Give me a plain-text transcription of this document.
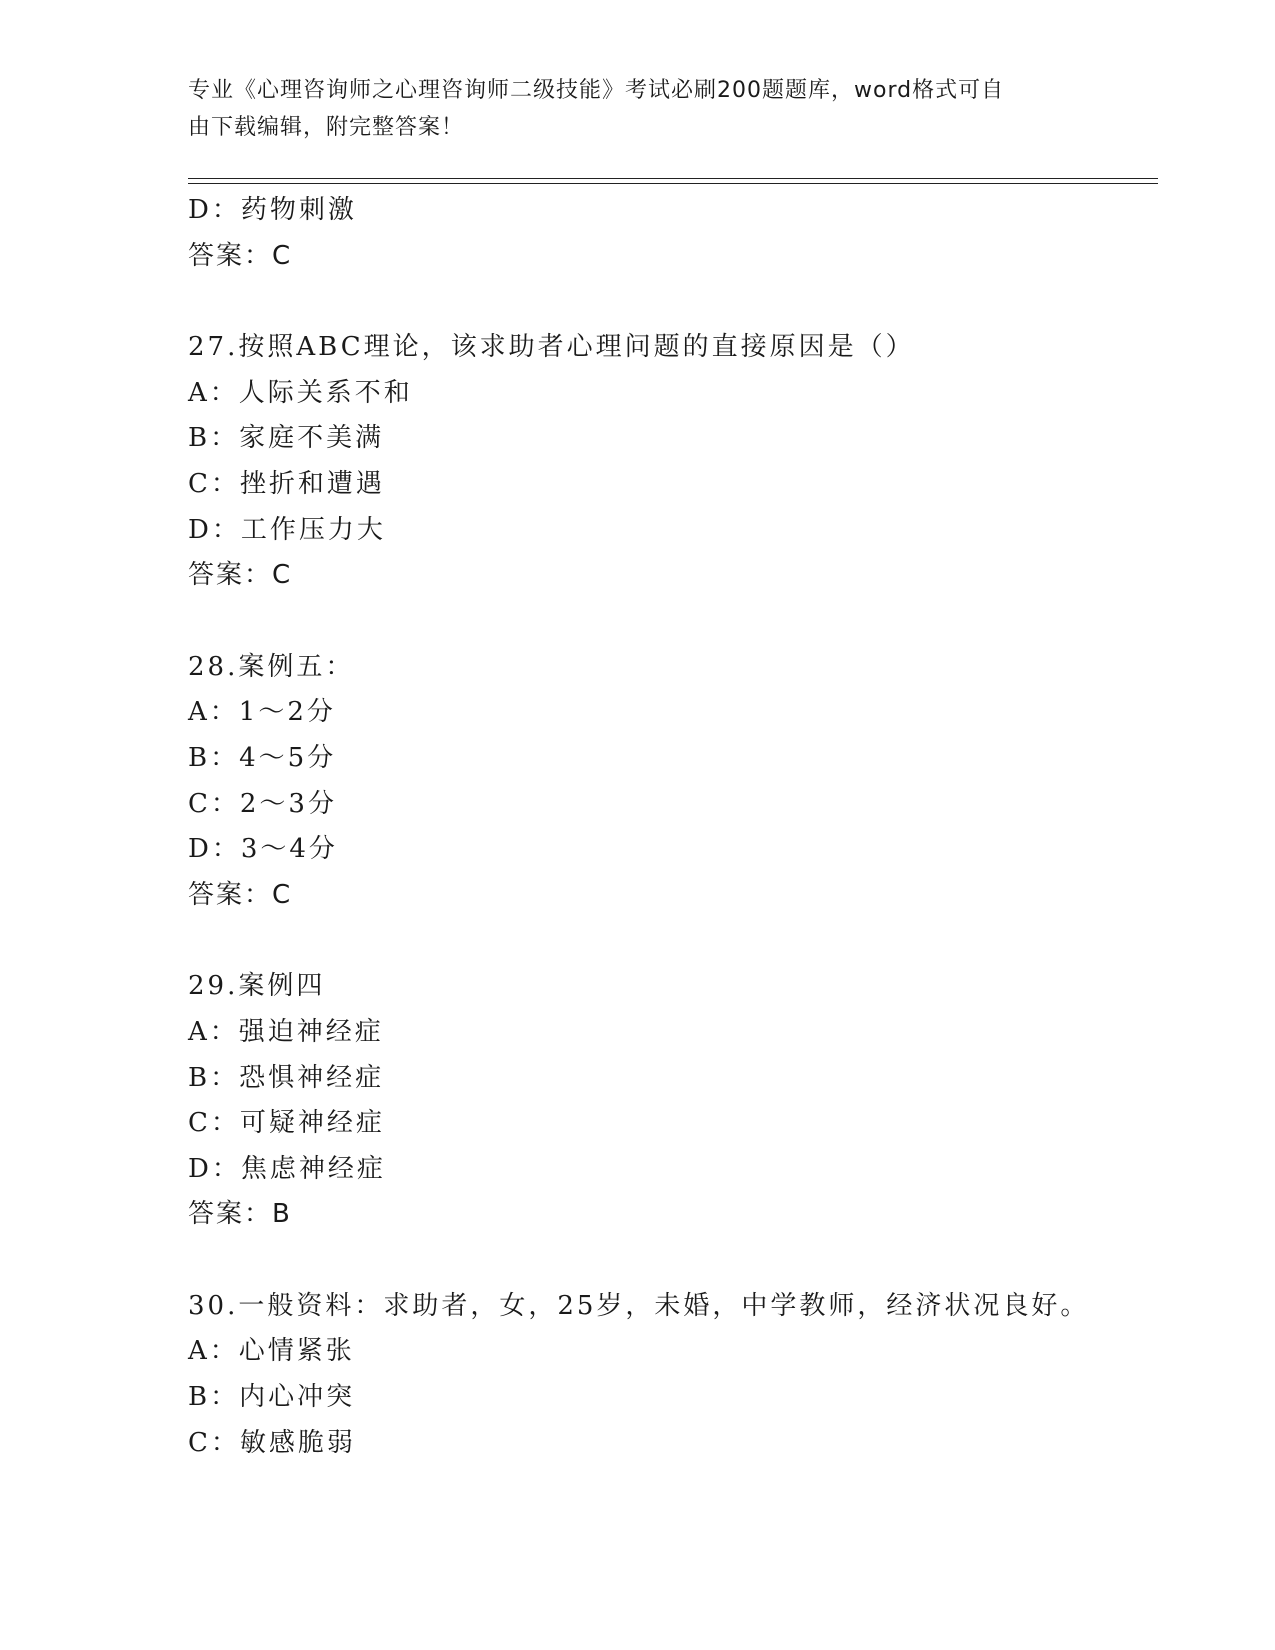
专业《心理咨询师之心理咨询师二级技能》考试必刷200题题库，word格式可自
由下载编辑，附完整答案！
D：药物刺激
答案：C
27.按照ABC理论，该求助者心理问题的直接原因是（）
A：人际关系不和
B：家庭不美满
C：挫折和遭遇
D：工作压力大
答案：C
28.案例五：
A：1～2分
B：4～5分
C：2～3分
D：3～4分
答案：C
29.案例四
A：强迫神经症
B：恐惧神经症
C：可疑神经症
D：焦虑神经症
答案：B
30.一般资料：求助者，女，25岁，未婚，中学教师，经济状况良好。
A：心情紧张
B：内心冲突
C：敏感脆弱
